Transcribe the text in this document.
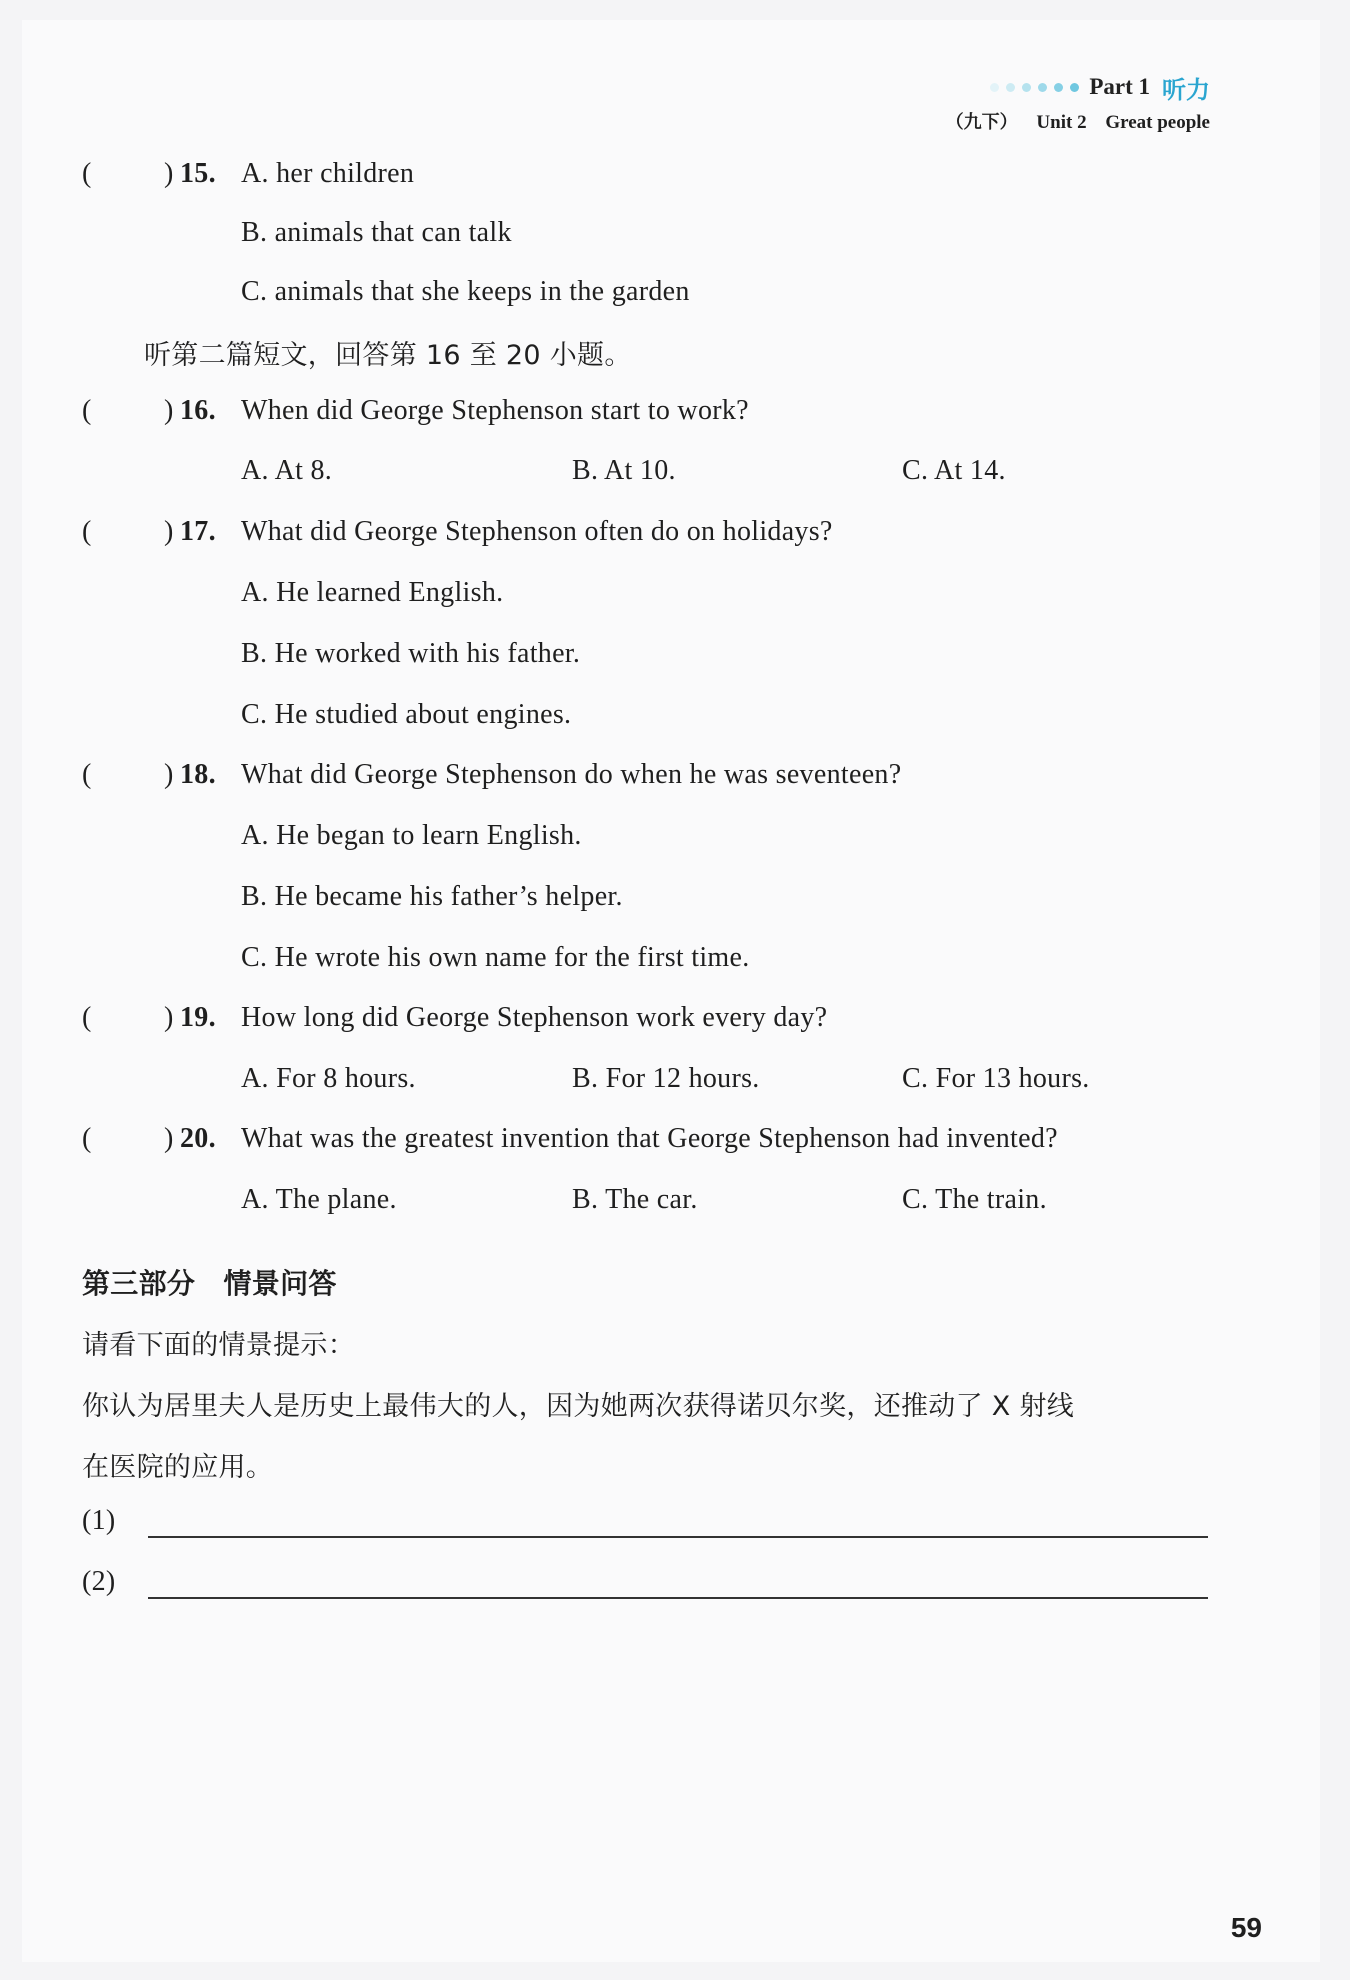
Part 1 听力
（九下） Unit 2 Great people
(	) 15. A. her children
B. animals that can talk
C. animals that she keeps in the garden
听第二篇短文，回答第 16 至 20 小题。
(	) 16. When did George Stephenson start to work?
A. At 8.	B. At 10.	C. At 14.
(	) 17. What did George Stephenson often do on holidays?
A. He learned English.
B. He worked with his father.
C. He studied about engines.
(	) 18. What did George Stephenson do when he was seventeen?
A. He began to learn English.
B. He became his father’s helper.
C. He wrote his own name for the first time.
(	) 19. How long did George Stephenson work every day?
A. For 8 hours.	B. For 12 hours.	C. For 13 hours.
(	) 20. What was the greatest invention that George Stephenson had invented?
A. The plane.	B. The car.	C. The train.
第三部分　情景问答
请看下面的情景提示：
你认为居里夫人是历史上最伟大的人，因为她两次获得诺贝尔奖，还推动了 X 射线
在医院的应用。
(1)
(2)
59
